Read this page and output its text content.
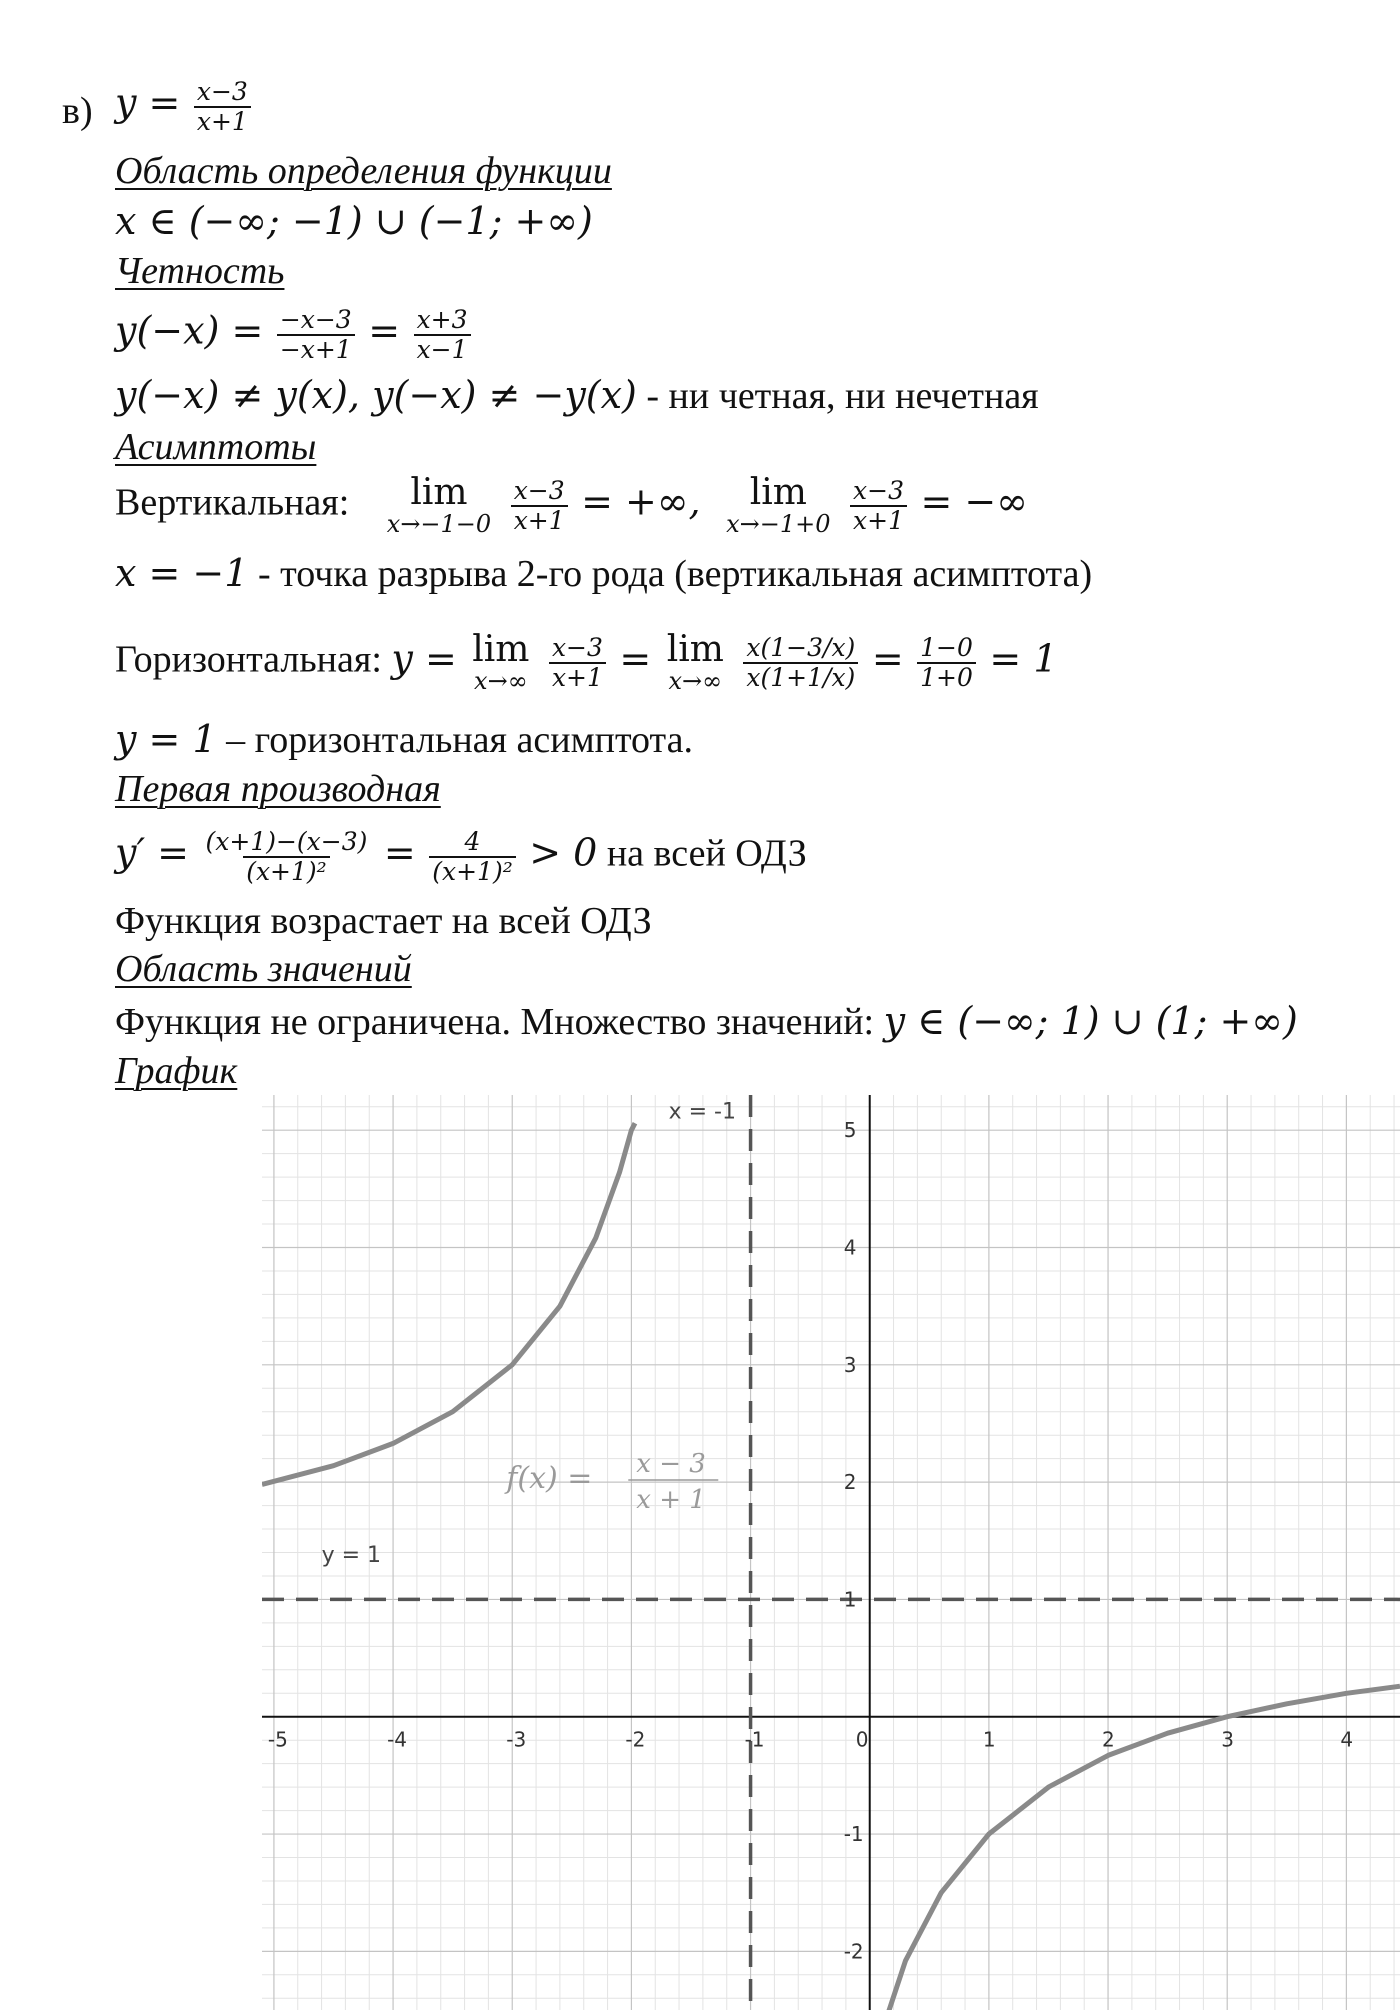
в) $y = \frac{x-3}{x+1}$
Область определения функции
x ∈ (−∞; −1) ∪ (−1; +∞)
Четность
$y(-x) = \frac{-x-3}{-x+1} = \frac{x+3}{x-1}$
y(−x) ≠ y(x), y(−x) ≠ −y(x) - ни четная, ни нечетная
Асимптоты
Вертикальная: lim
x→−1−0
$\frac{x-3}{x+1}$ = +∞, lim
x→−1+0
$\frac{x-3}{x+1}$ = −∞
x = −1 - точка разрыва 2-го рода (вертикальная асимптота)
Горизонтальная: y = lim
x→∞
$\frac{x-3}{x+1} = \lim$
x→∞
$\frac{x(1-3/x)}{x(1+1/x)} = \frac{1-0}{1+0} = 1$
y = 1 – горизонтальная асимптота.
Первая производная
$y' = \frac{(x+1)-(x-3)}{\text{(x+1)²}} = \frac{4}{\text{(x+1)²}} > 0$ на всей ОДЗ
Функция возрастает на всей ОДЗ
Область значений
Функция не ограничена. Множество значений: y ∈ (−∞; 1) ∪ (1; +∞)
График
x = -1
y = 1
-5	-4	-3	-2	-1	0	1	2	3	4
-2
-1
1
2
3
4
5
f(x) = x − 3
x + 1
